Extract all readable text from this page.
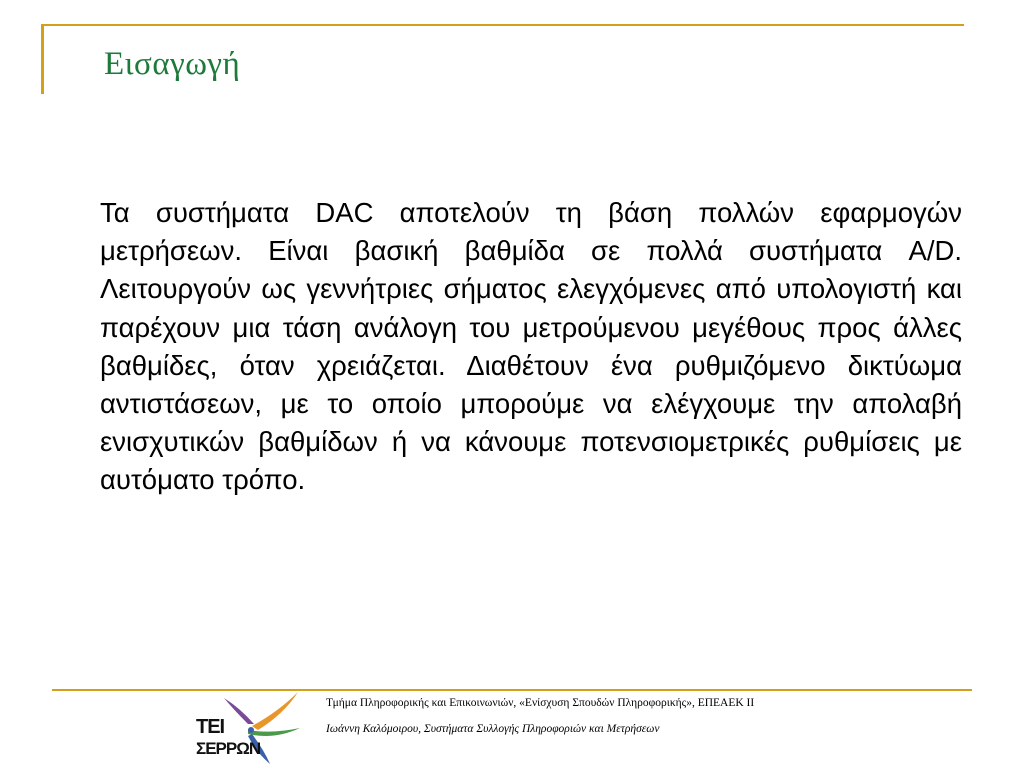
Εισαγωγή

Τα συστήματα DAC αποτελούν τη βάση πολλών εφαρμογών μετρήσεων. Είναι βασική βαθμίδα σε πολλά συστήματα A/D. Λειτουργούν ως γεννήτριες σήματος ελεγχόμενες από υπολογιστή και παρέχουν μια τάση ανάλογη του μετρούμενου μεγέθους προς άλλες βαθμίδες, όταν χρειάζεται. Διαθέτουν ένα ρυθμιζόμενο δικτύωμα αντιστάσεων, με το οποίο μπορούμε να ελέγχουμε την απολαβή ενισχυτικών βαθμίδων ή να κάνουμε ποτενσιομετρικές ρυθμίσεις με αυτόματο τρόπο.

ΤΕΙ
ΣΕΡΡΩΝ
Τμήμα Πληροφορικής και Επικοινωνιών, «Ενίσχυση Σπουδών Πληροφορικής», ΕΠΕΑΕΚ ΙΙ
Ιωάννη Καλόμοιρου, Συστήματα Συλλογής Πληροφοριών και Μετρήσεων
